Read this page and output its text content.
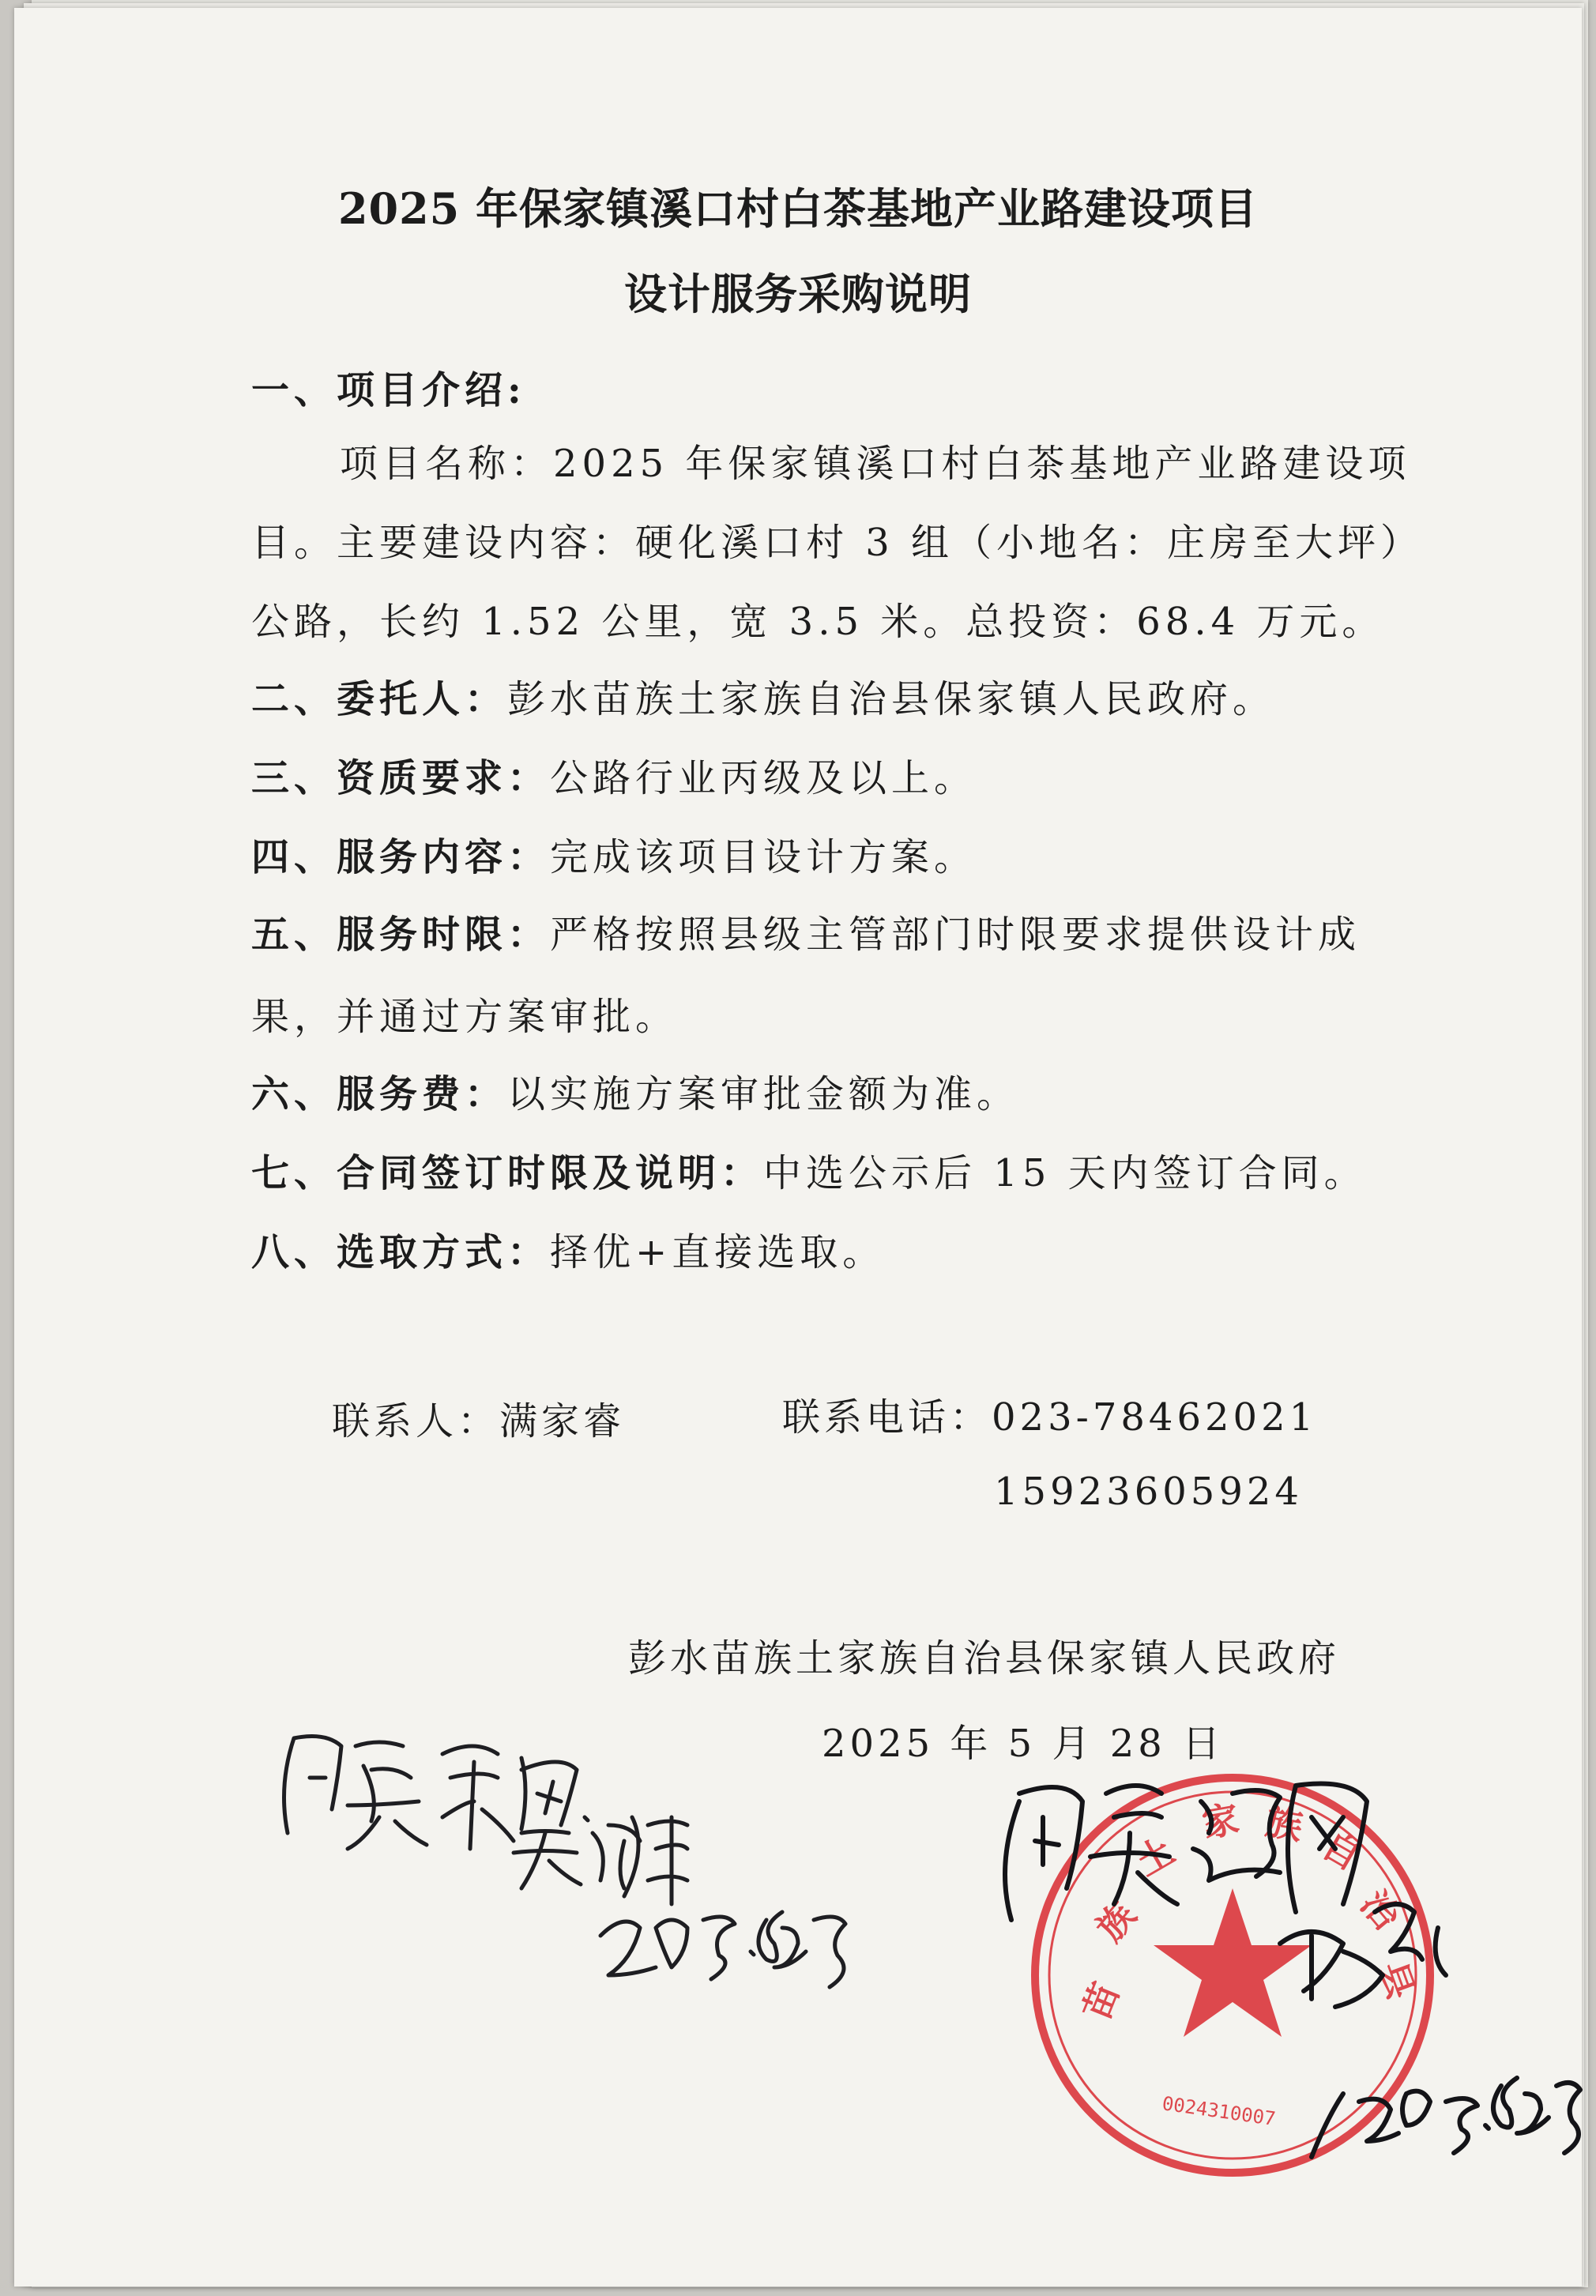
2025 年保家镇溪口村白茶基地产业路建设项目
设计服务采购说明
一、项目介绍:
项目名称：2025 年保家镇溪口村白茶基地产业路建设项
目。主要建设内容：硬化溪口村 3 组（小地名：庄房至大坪）
公路，长约 1.52 公里，宽 3.5 米。总投资：68.4 万元。
二、委托人：彭水苗族土家族自治县保家镇人民政府。
三、资质要求：公路行业丙级及以上。
四、服务内容：完成该项目设计方案。
五、服务时限：严格按照县级主管部门时限要求提供设计成
果，并通过方案审批。
六、服务费：以实施方案审批金额为准。
七、合同签订时限及说明：中选公示后 15 天内签订合同。
八、选取方式：择优+直接选取。
联系人：满家睿	联系电话：023-78462021
15923605924
彭水苗族土家族自治县保家镇人民政府
2025 年 5 月 28 日
苗
族
土
家 族 自
治
县
0024310007
